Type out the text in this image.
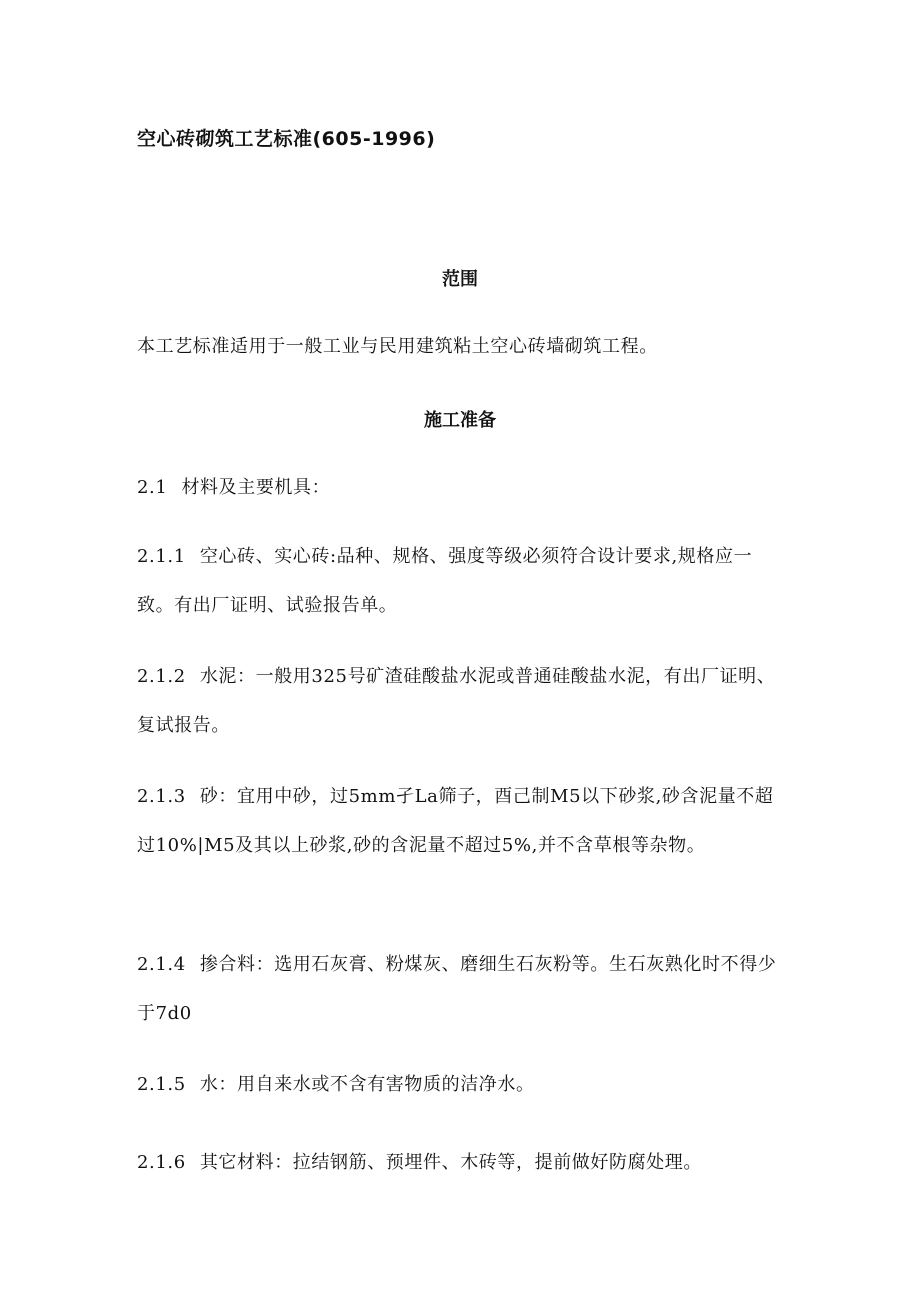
空心砖砌筑工艺标准(605-1996)
范围
本工艺标准适用于一般工业与民用建筑粘土空心砖墙砌筑工程。
施工准备
2.1 材料及主要机具：
2.1.1 空心砖、实心砖:品种、规格、强度等级必须符合设计要求,规格应一致。有出厂证明、试验报告单。
2.1.2 水泥：一般用325号矿渣硅酸盐水泥或普通硅酸盐水泥，有出厂证明、复试报告。
2.1.3 砂：宜用中砂，过5mm孑La筛子，酉己制M5以下砂浆,砂含泥量不超过10%|M5及其以上砂浆,砂的含泥量不超过5%,并不含草根等杂物。
2.1.4 掺合料：选用石灰膏、粉煤灰、磨细生石灰粉等。生石灰熟化时不得少于7d0
2.1.5 水：用自来水或不含有害物质的洁净水。
2.1.6 其它材料：拉结钢筋、预埋件、木砖等，提前做好防腐处理。
